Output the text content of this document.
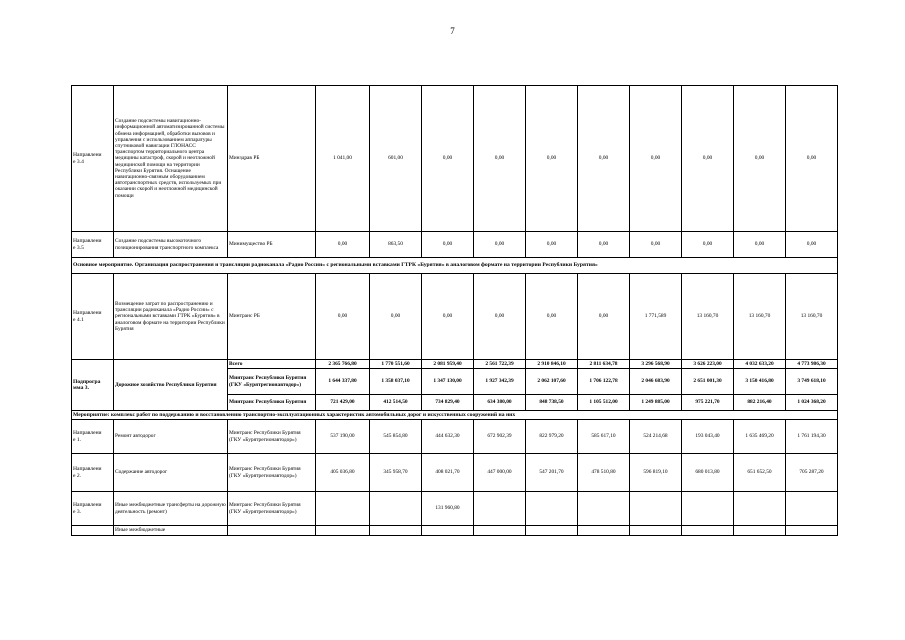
7
Направлени
е 3.4	Создание подсистемы навигационно-информационной автоматизированной системы обмена информацией, обработки вызовов и управления с использованием аппаратуры спутниковой навигации ГЛОНАСС транспортом территориального центра медицины катастроф, скорой и неотложной медицинской помощи на территории Республики Бурятия. Оснащение навигационно-связным оборудованием автотранспортных средств, используемых при оказании скорой и неотложной медицинской помощи	Минздрав РБ	1 041,00	601,00	0,00	0,00	0,00	0,00	0,00	0,00	0,00	0,00
Направлени
е 3.5	Создание подсистемы высокоточного позиционирования транспортного комплекса	Минимущество РБ	0,00	863,50	0,00	0,00	0,00	0,00	0,00	0,00	0,00	0,00
Основное мероприятие. Организация распространения и трансляции радиоканала «Радио России» с региональными вставками ГТРК «Бурятия» в аналоговом формате на территории Республики Бурятия»												
Направлени
е 4.1	Возмещение затрат по распространению и трансляции радиоканала «Радио России» с региональными вставками ГТРК «Бурятия» в аналоговом формате на территории Республики Бурятия	Минтранс РБ	0,00	0,00	0,00	0,00	0,00	0,00	1 771,589	13 160,70	13 160,70	13 160,70
Подпрогра
мма 3.	Дорожное хозяйство Республики Бурятия	Всего	2 365 766,80	1 770 551,60	2 081 959,40	2 561 722,39	2 910 846,10	2 811 634,78	3 296 568,90	3 626 223,00	4 032 633,20	4 773 986,30
		Минтранс Республики Бурятия (ГКУ «Бурятрегионавтодор»)	1 644 337,80	1 358 037,10	1 347 130,00	1 927 342,39	2 062 107,60	1 706 122,78	2 046 683,90	2 651 001,30	3 150 416,80	3 749 618,10
		Минтранс Республики Бурятия	721 429,00	412 514,50	734 829,40	634 380,00	848 738,50	1 105 512,00	1 249 885,00	975 221,70	882 216,40	1 024 368,20
Мероприятие: комплекс работ по поддержанию и восстановлению транспортно-эксплуатационных характеристик автомобильных дорог и искусственных сооружений на них												
Направлени
е 1.	Ремонт автодорог	Минтранс Республики Бурятия (ГКУ «Бурятрегионавтодор»)	537 190,00	545 854,80	444 632,30	672 902,39	822 979,20	585 617,10	524 214,68	193 043,40	1 635 469,20	1 761 194,30
Направлени
е 2.	Содержание автодорог	Минтранс Республики Бурятия (ГКУ «Бурятрегионавтодор»)	405 036,80	345 958,70	408 021,70	447 000,00	547 201,70	478 510,80	596 819,10	680 013,80	651 652,50	705 287,20
Направлени
е 3.	Иные межбюджетные трансферты на дорожную деятельность (ремонт)	Минтранс Республики Бурятия (ГКУ «Бурятрегионавтодор»)			131 960,80							
	Иные межбюджетные											
